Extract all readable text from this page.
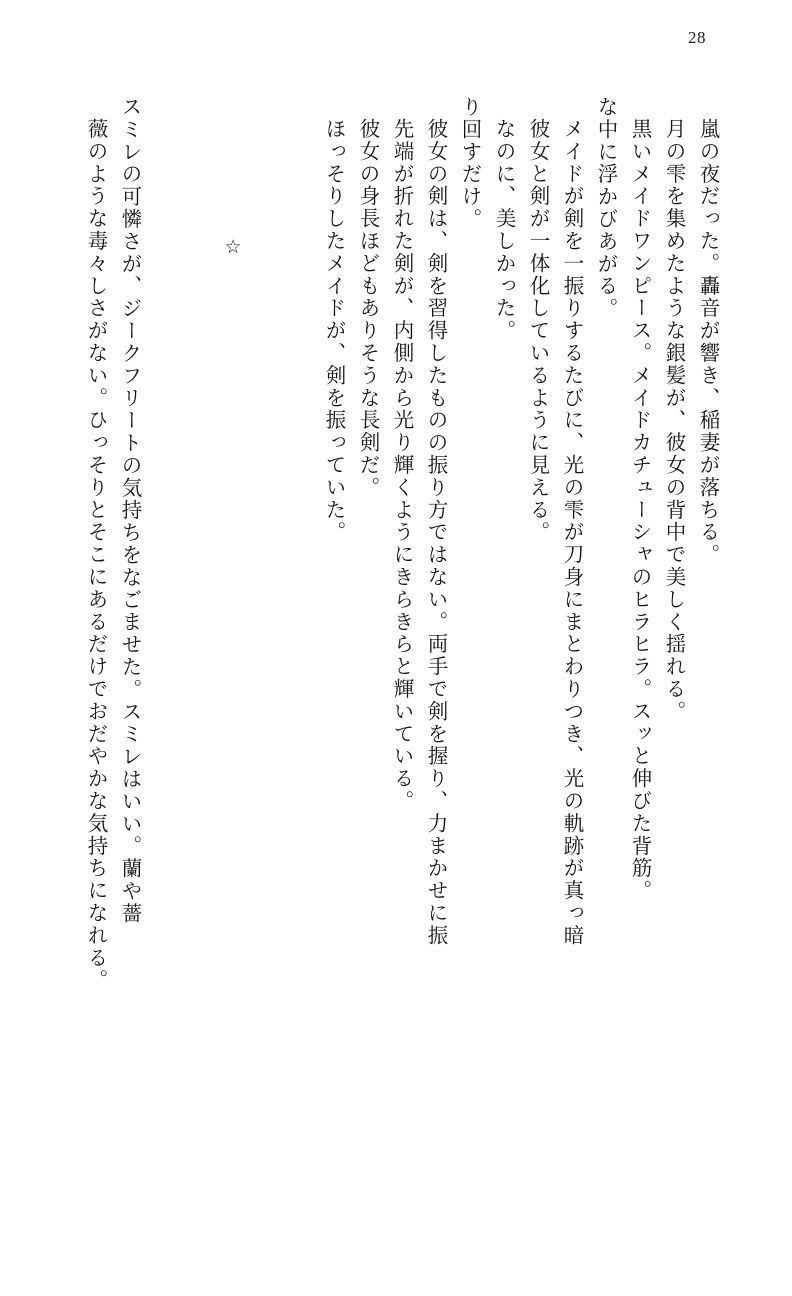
28
薇のような毒々しさがない。ひっそりとそこにあるだけでおだやかな気持ちになれる。 スミレの可憐さが、ジークフリートの気持ちをなごませた。スミレはいい。蘭や薔	☆	ほっそりしたメイドが、剣を振っていた。 彼女の身長ほどもありそうな長剣だ。 先端が折れた剣が、内側から光り輝くようにきらきらと輝いている。 彼女の剣は、剣を習得したものの振り方ではない。両手で剣を握り、力まかせに振 り回すだけ。 なのに、美しかった。 彼女と剣が一体化しているように見える。 メイドが剣を一振りするたびに、光の雫が刀身にまとわりつき、光の軌跡が真っ暗 な中に浮かびあがる。 黒いメイドワンピース。メイドカチューシャのヒラヒラ。スッと伸びた背筋。 月の雫を集めたような銀髪が、彼女の背中で美しく揺れる。 嵐の夜だった。轟音が響き、稲妻が落ちる。
